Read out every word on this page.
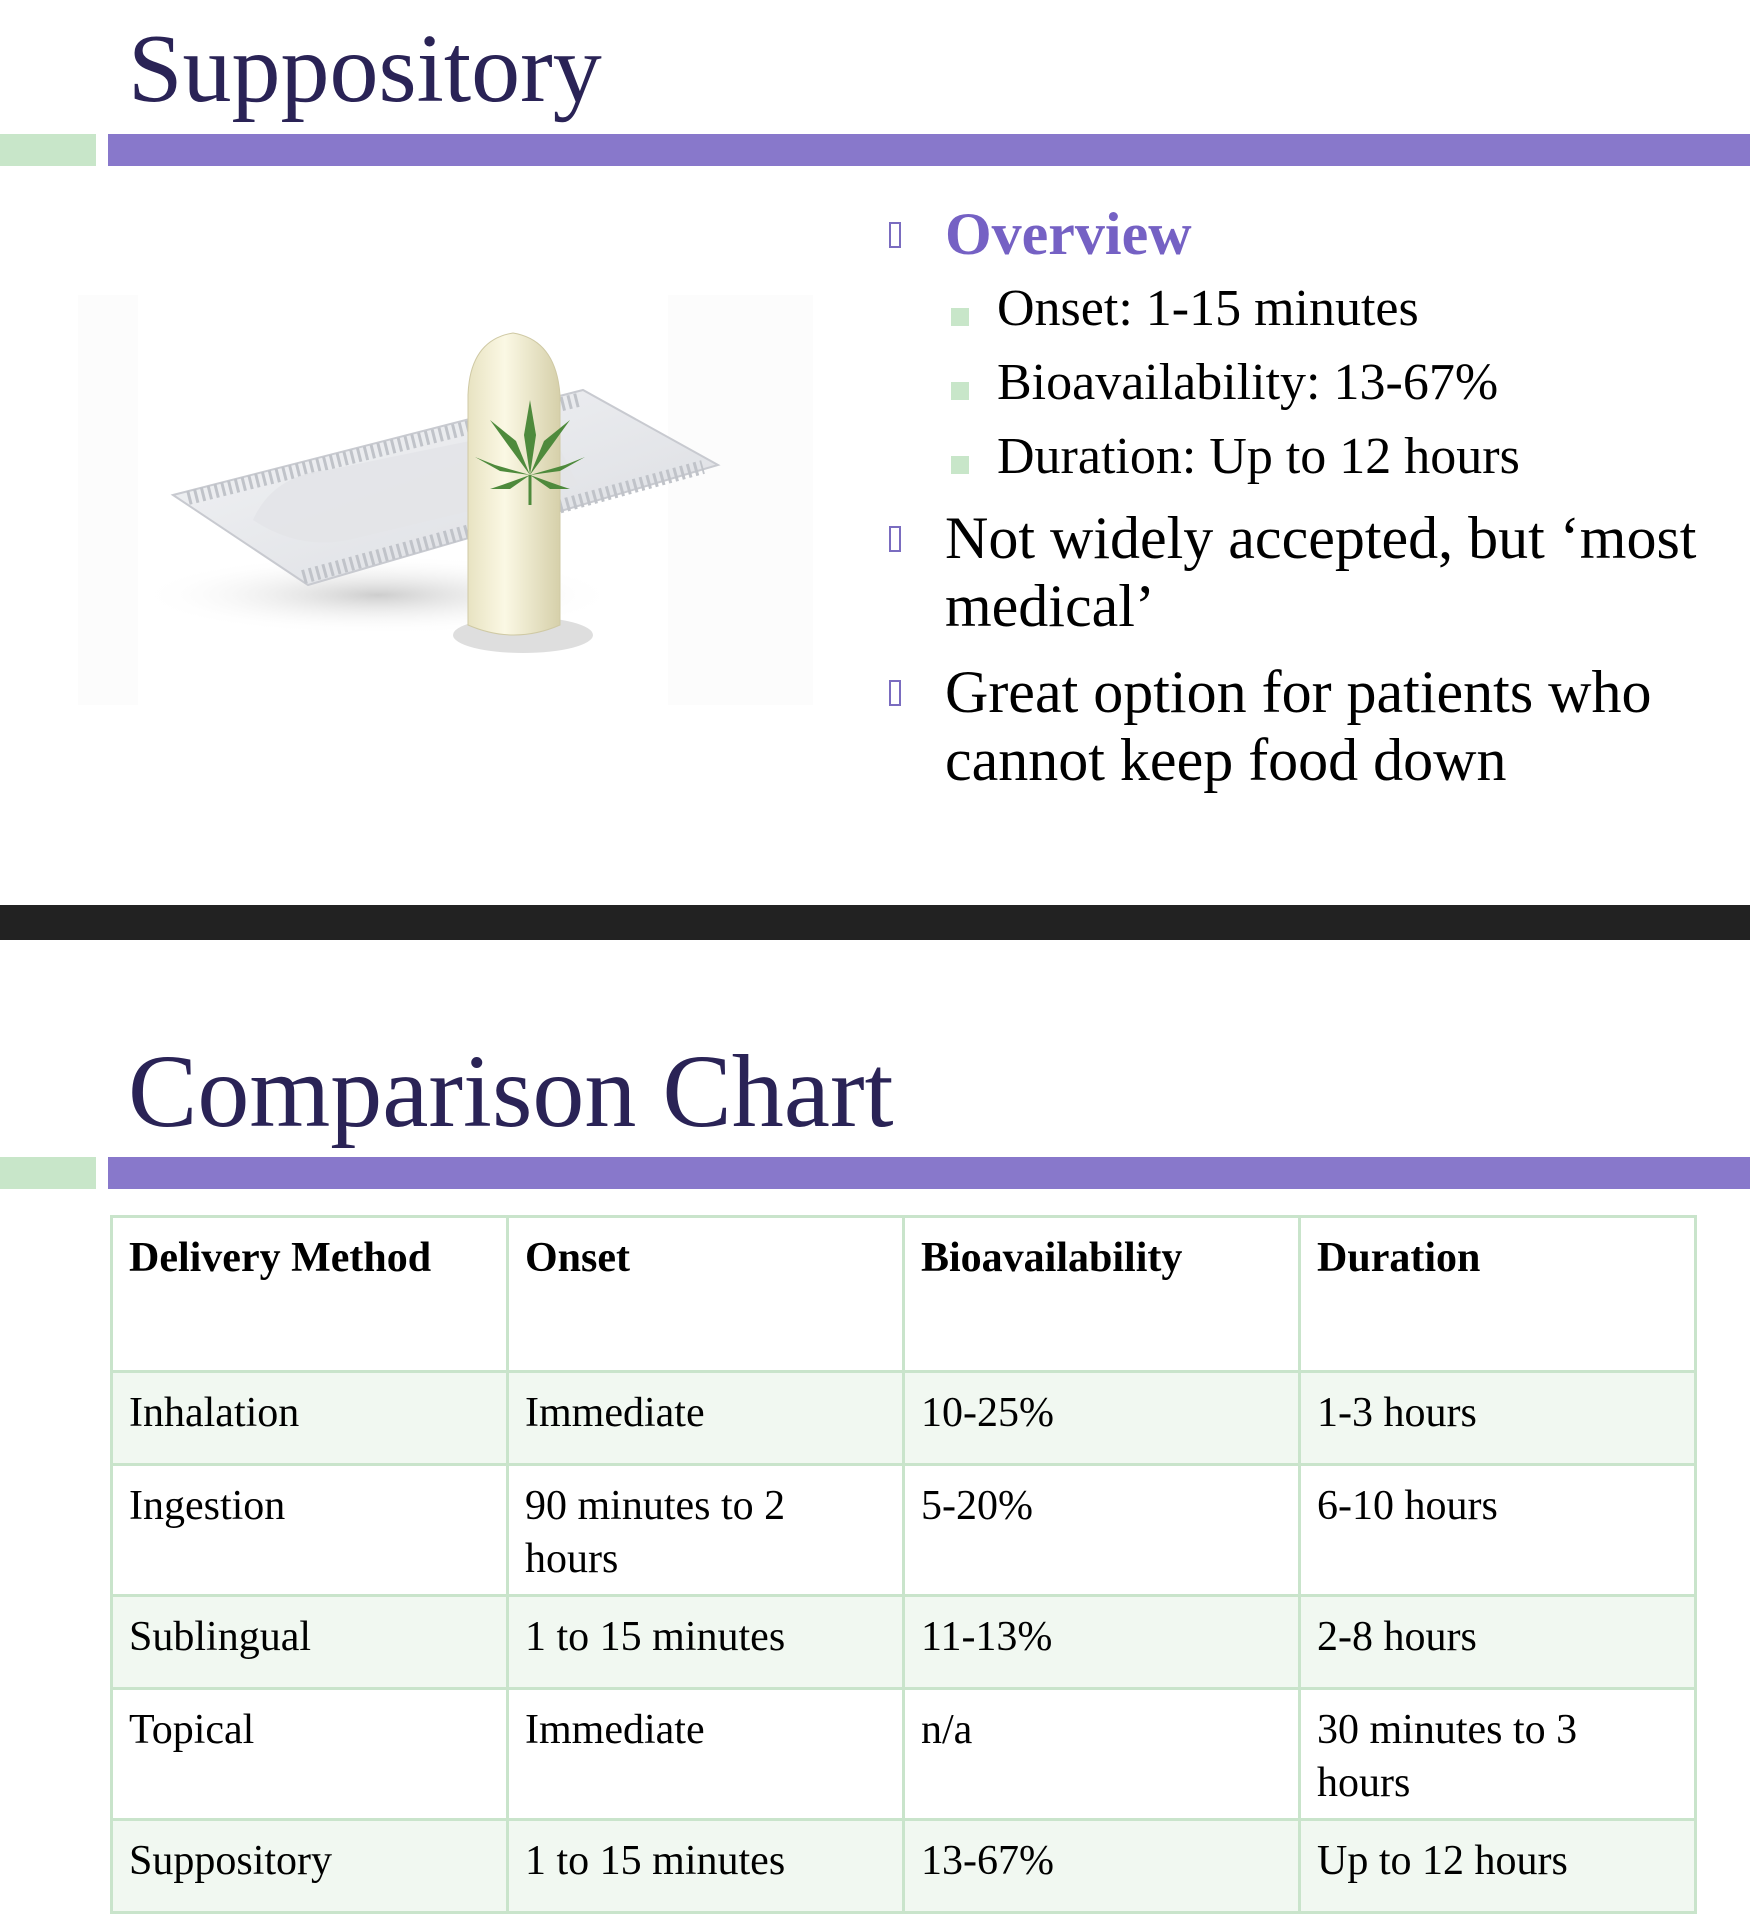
Suppository
Overview
Onset: 1-15 minutes
Bioavailability: 13-67%
Duration: Up to 12 hours
Not widely accepted, but ‘most medical’
Great option for patients who cannot keep food down
Comparison Chart
Delivery Method	Onset	Bioavailability	Duration
Inhalation	Immediate	10-25%	1-3 hours
Ingestion	90 minutes to 2 hours	5-20%	6-10 hours
Sublingual	1 to 15 minutes	11-13%	2-8 hours
Topical	Immediate	n/a	30 minutes to 3 hours
Suppository	1 to 15 minutes	13-67%	Up to 12 hours
